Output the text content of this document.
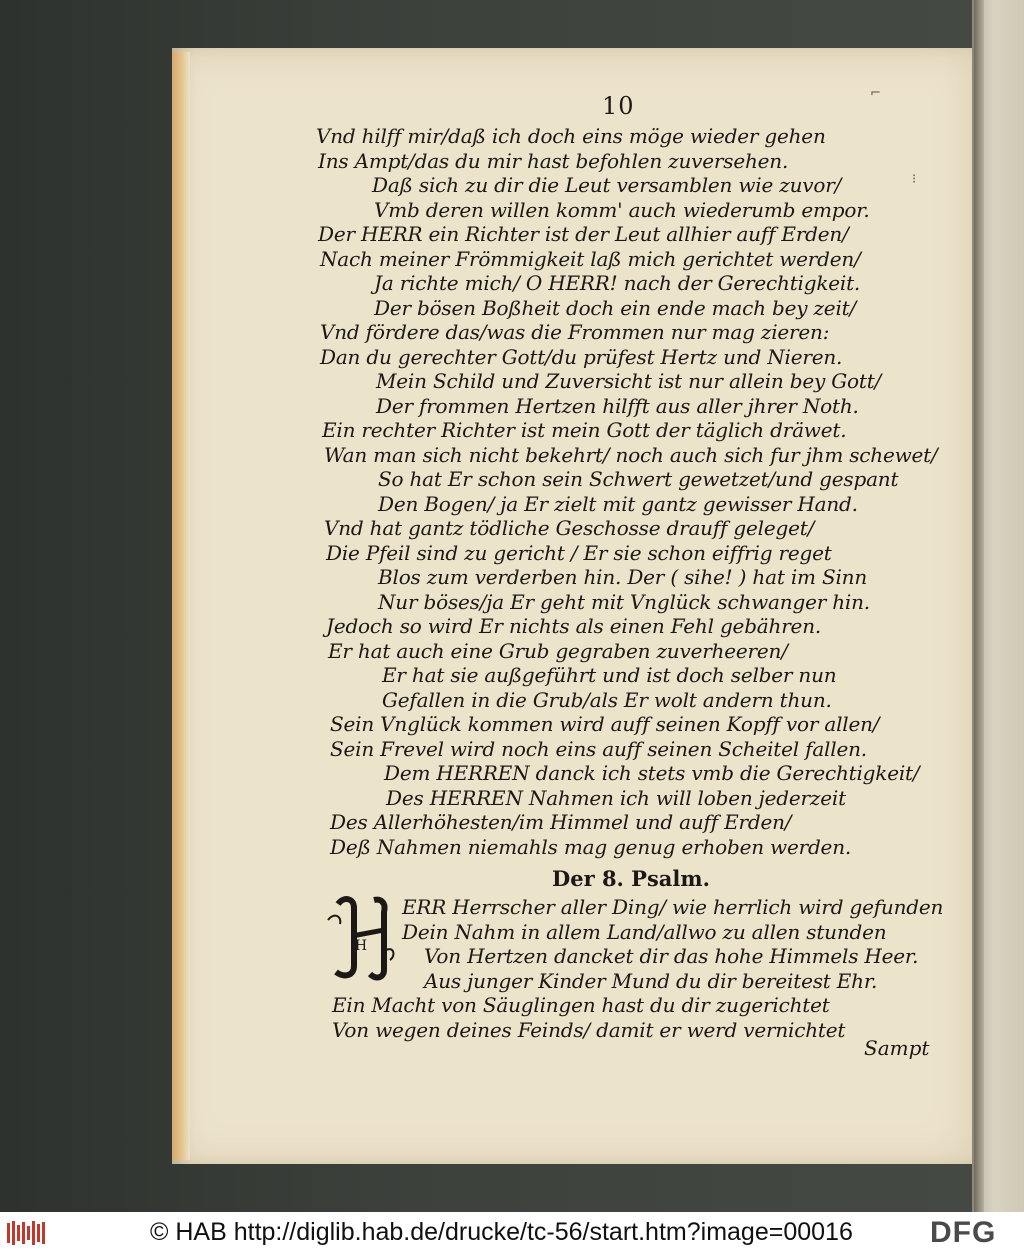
10	⌐
⁝
Vnd hilff mir/daß ich doch eins möge wieder gehen
Ins Ampt/das du mir hast befohlen zuversehen.
Daß sich zu dir die Leut versamblen wie zuvor/
Vmb deren willen komm' auch wiederumb empor.
Der HERR ein Richter ist der Leut allhier auff Erden/
Nach meiner Frömmigkeit laß mich gerichtet werden/
Ja richte mich/ O HERR! nach der Gerechtigkeit.
Der bösen Boßheit doch ein ende mach bey zeit/
Vnd fördere das/was die Frommen nur mag zieren:
Dan du gerechter Gott/du prüfest Hertz und Nieren.
Mein Schild und Zuversicht ist nur allein bey Gott/
Der frommen Hertzen hilfft aus aller jhrer Noth.
Ein rechter Richter ist mein Gott der täglich dräwet.
Wan man sich nicht bekehrt/ noch auch sich fur jhm schewet/
So hat Er schon sein Schwert gewetzet/und gespant
Den Bogen/ ja Er zielt mit gantz gewisser Hand.
Vnd hat gantz tödliche Geschosse drauff geleget/
Die Pfeil sind zu gericht / Er sie schon eiffrig reget
Blos zum verderben hin. Der ( sihe! ) hat im Sinn
Nur böses/ja Er geht mit Vnglück schwanger hin.
Jedoch so wird Er nichts als einen Fehl gebähren.
Er hat auch eine Grub gegraben zuverheeren/
Er hat sie außgeführt und ist doch selber nun
Gefallen in die Grub/als Er wolt andern thun.
Sein Vnglück kommen wird auff seinen Kopff vor allen/
Sein Frevel wird noch eins auff seinen Scheitel fallen.
Dem HERREN danck ich stets vmb die Gerechtigkeit/
Des HERREN Nahmen ich will loben jederzeit
Des Allerhöhesten/im Himmel und auff Erden/
Deß Nahmen niemahls mag genug erhoben werden.
Der 8. Psalm.
H
ERR Herrscher aller Ding/ wie herrlich wird gefunden
Dein Nahm in allem Land/allwo zu allen stunden
Von Hertzen dancket dir das hohe Himmels Heer.
Aus junger Kinder Mund du dir bereitest Ehr.
Ein Macht von Säuglingen hast du dir zugerichtet
Von wegen deines Feinds/ damit er werd vernichtet
Sampt
© HAB http://diglib.hab.de/drucke/tc-56/start.htm?image=00016	DFG
